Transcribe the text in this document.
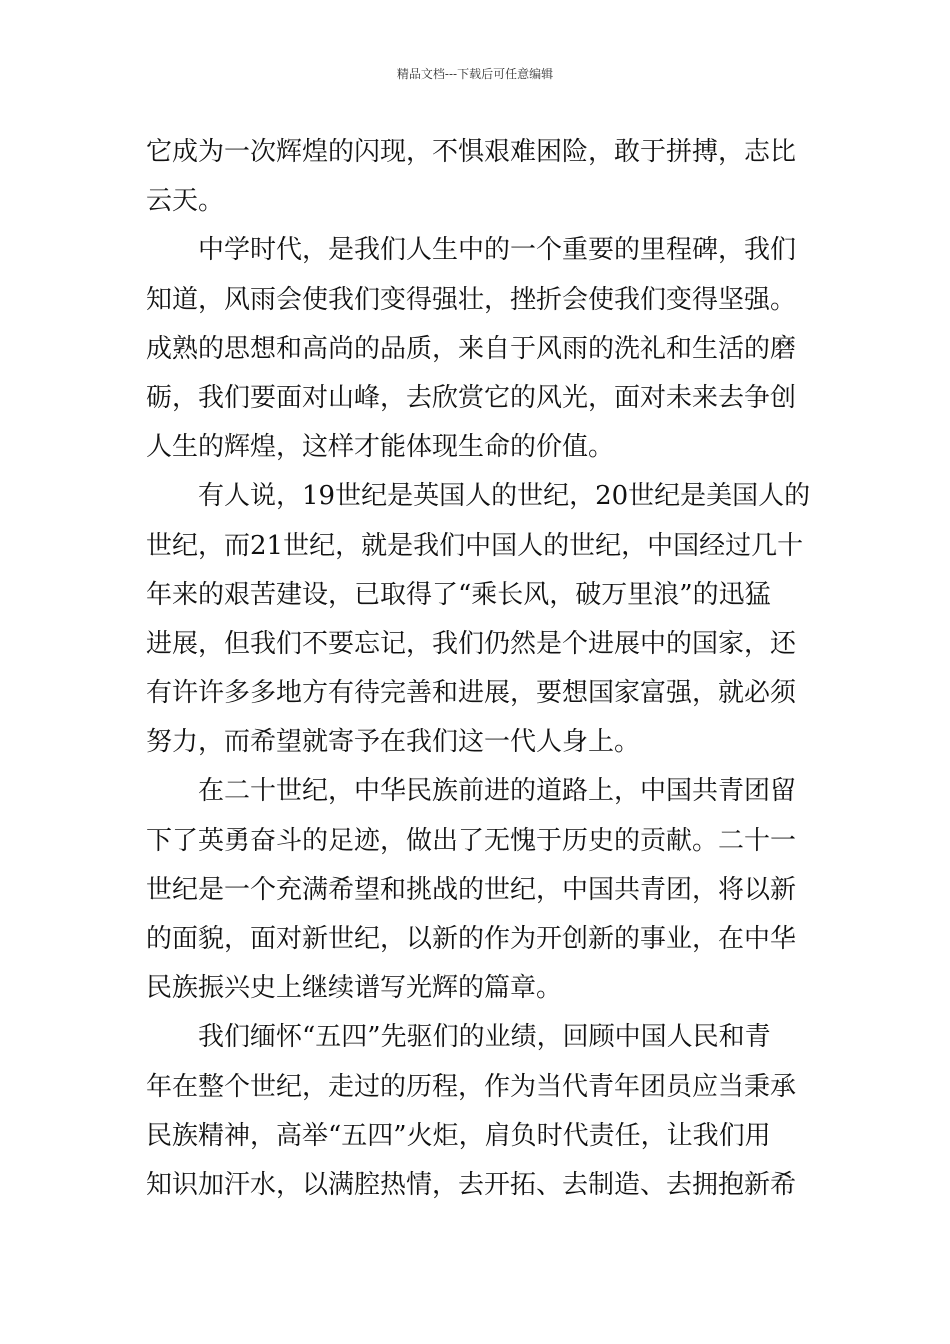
精品文档---下载后可任意编辑
它成为一次辉煌的闪现，不惧艰难困险，敢于拼搏，志比
云天。
中学时代，是我们人生中的一个重要的里程碑，我们
知道，风雨会使我们变得强壮，挫折会使我们变得坚强。
成熟的思想和高尚的品质，来自于风雨的洗礼和生活的磨
砺，我们要面对山峰，去欣赏它的风光，面对未来去争创
人生的辉煌，这样才能体现生命的价值。
有人说，19世纪是英国人的世纪，20世纪是美国人的
世纪，而21世纪，就是我们中国人的世纪，中国经过几十
年来的艰苦建设，已取得了“乘长风，破万里浪”的迅猛
进展，但我们不要忘记，我们仍然是个进展中的国家，还
有许许多多地方有待完善和进展，要想国家富强，就必须
努力，而希望就寄予在我们这一代人身上。
在二十世纪，中华民族前进的道路上，中国共青团留
下了英勇奋斗的足迹，做出了无愧于历史的贡献。二十一
世纪是一个充满希望和挑战的世纪，中国共青团，将以新
的面貌，面对新世纪，以新的作为开创新的事业，在中华
民族振兴史上继续谱写光辉的篇章。
我们缅怀“五四”先驱们的业绩，回顾中国人民和青
年在整个世纪，走过的历程，作为当代青年团员应当秉承
民族精神，高举“五四”火炬，肩负时代责任，让我们用
知识加汗水，以满腔热情，去开拓、去制造、去拥抱新希
